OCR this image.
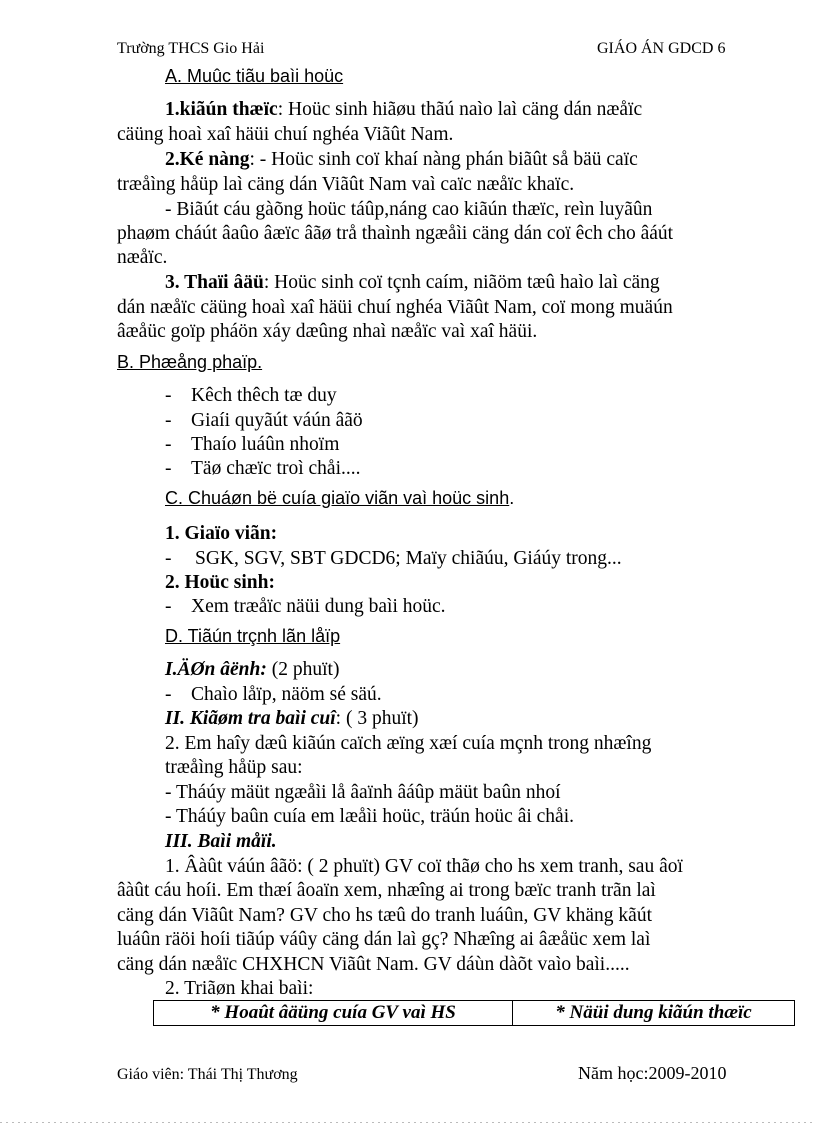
Trường THCS Gio Hải	GIÁO ÁN GDCD 6
A. Muûc tiãu baìi hoüc
1.kiãún thæïc: Hoüc sinh hiãøu thãú naìo laì cäng dán næåïc
cäüng hoaì xaî häüi chuí nghéa Viãût Nam.
2.Ké nàng: - Hoüc sinh coï khaí nàng phán biãût så bäü caïc
træåìng håüp laì cäng dán Viãût Nam vaì caïc næåïc khaïc.
- Biãút cáu gàõng hoüc táûp,náng cao kiãún thæïc, reìn luyãûn
phaøm cháút âaûo âæïc âãø trå thaình ngæåìi cäng dán coï êch cho âáút
næåïc.
3. Thaïi âäü: Hoüc sinh coï tçnh caím, niãöm tæû haìo laì cäng
dán næåïc cäüng hoaì xaî häüi chuí nghéa Viãût Nam, coï mong muäún
âæåüc goïp pháön xáy dæûng nhaì næåïc vaì xaî häüi.
B. Phæång phaïp.
- Kêch thêch tæ duy
- Giaíi quyãút váún âãö
- Thaío luáûn nhoïm
- Täø chæïc troì chåi....
C. Chuáøn bë cuía giaïo viãn vaì hoüc sinh.
1. Giaïo viãn:
- SGK, SGV, SBT GDCD6; Maïy chiãúu, Giáúy trong...
2. Hoüc sinh:
- Xem træåïc näüi dung baìi hoüc.
D. Tiãún trçnh lãn låïp
I.ÄØn âënh: (2 phuït)
- Chaìo låïp, näöm sé säú.
II. Kiãøm tra baìi cuî: ( 3 phuït)
2. Em haîy dæû kiãún caïch æïng xæí cuía mçnh trong nhæîng
træåìng håüp sau:
- Tháúy mäüt ngæåìi lå âaïnh âáûp mäüt baûn nhoí
- Tháúy baûn cuía em læåìi hoüc, träún hoüc âi chåi.
III. Baìi måïi.
1. Âàût váún âãö: ( 2 phuït) GV coï thãø cho hs xem tranh, sau âoï
âàût cáu hoíi. Em thæí âoaïn xem, nhæîng ai trong bæïc tranh trãn laì
cäng dán Viãût Nam? GV cho hs tæû do tranh luáûn, GV khäng kãút
luáûn räöi hoíi tiãúp váûy cäng dán laì gç? Nhæîng ai âæåüc xem laì
cäng dán næåïc CHXHCN Viãût Nam. GV dáùn dàõt vaìo baìi.....
2. Triãøn khai baìi:
* Hoaût âäüng cuía GV vaì HS	* Näüi dung kiãún thæïc
Giáo viên: Thái Thị Thương	Năm học:2009-2010
